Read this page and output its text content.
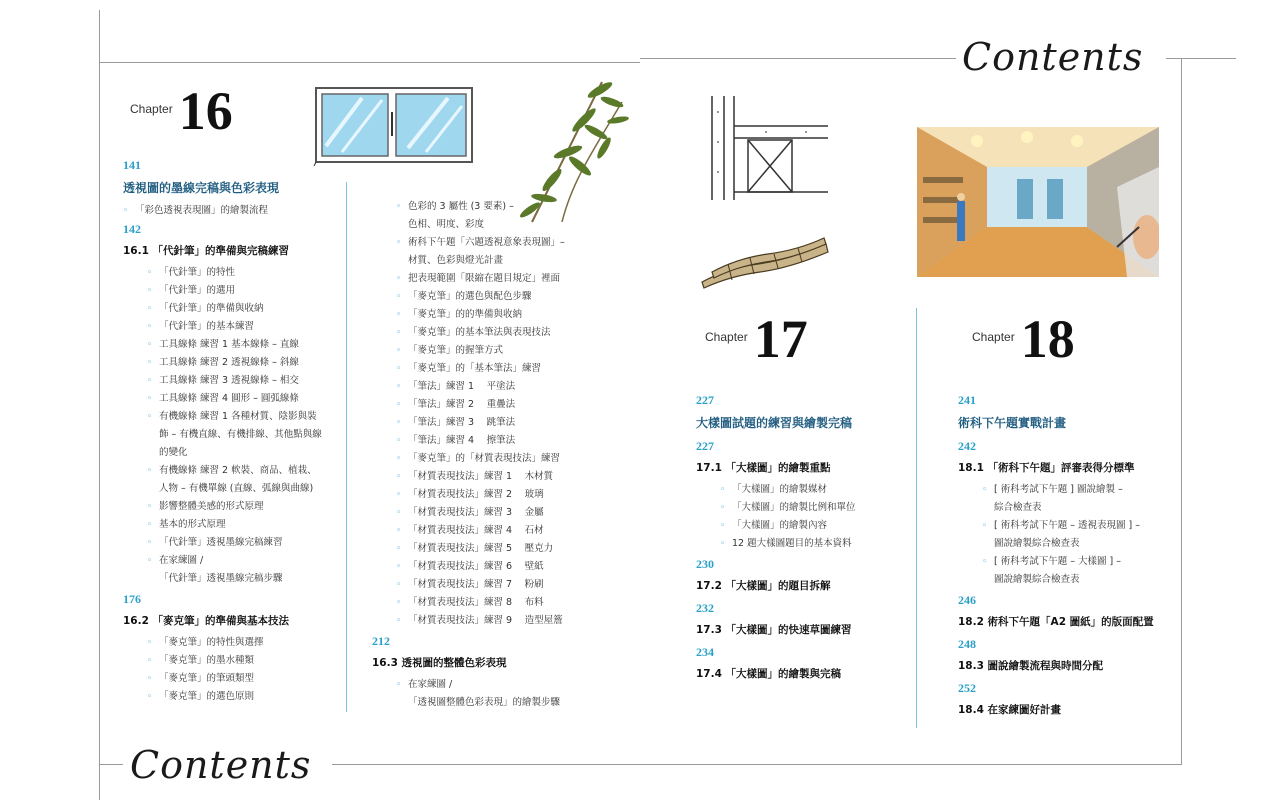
Contents
Contents
Chapter 16
Chapter 17	Chapter 18
141
透視圖的墨線完稿與色彩表現
◦ 「彩色透視表現圖」的繪製流程
142
16.1 「代針筆」的準備與完稿練習
◦ 「代針筆」的特性
◦ 「代針筆」的選用
◦ 「代針筆」的準備與收納
◦ 「代針筆」的基本練習
◦ 工具線條 練習 1 基本線條 – 直線
◦ 工具線條 練習 2 透視線條 – 斜線
◦ 工具線條 練習 3 透視線條 – 相交
◦ 工具線條 練習 4 圓形 – 圓弧線條
◦ 有機線條 練習 1 各種材質、陰影與裝
飾 – 有機直線、有機排線、其他點與線
的變化
◦ 有機線條 練習 2 軟裝、商品、植栽、
人物 – 有機單線 (直線、弧線與曲線)
◦ 影響整體美感的形式原理
◦ 基本的形式原理
◦ 「代針筆」透視墨線完稿練習
◦ 在家練圖 /
「代針筆」透視墨線完稿步驟
176
16.2 「麥克筆」的準備與基本技法
◦ 「麥克筆」的特性與選擇
◦ 「麥克筆」的墨水種類
◦ 「麥克筆」的筆頭類型
◦ 「麥克筆」的選色原則
◦ 色彩的 3 屬性 (3 要素) –
色相、明度、彩度
◦ 術科下午題「六題透視意象表現圖」–
材質、色彩與燈光計畫
◦ 把表現範圍「限縮在題目規定」裡面
◦ 「麥克筆」的選色與配色步驟
◦ 「麥克筆」的的準備與收納
◦ 「麥克筆」的基本筆法與表現技法
◦ 「麥克筆」的握筆方式
◦ 「麥克筆」的「基本筆法」練習
◦ 「筆法」練習 1　 平塗法
◦ 「筆法」練習 2　 重疊法
◦ 「筆法」練習 3　 跳筆法
◦ 「筆法」練習 4　 擦筆法
◦ 「麥克筆」的「材質表現技法」練習
◦ 「材質表現技法」練習 1　 木材質
◦ 「材質表現技法」練習 2　 玻璃
◦ 「材質表現技法」練習 3　 金屬
◦ 「材質表現技法」練習 4　 石材
◦ 「材質表現技法」練習 5　 壓克力
◦ 「材質表現技法」練習 6　 壁紙
◦ 「材質表現技法」練習 7　 粉刷
◦ 「材質表現技法」練習 8　 布料
◦ 「材質表現技法」練習 9　 造型屋簷
212
16.3 透視圖的整體色彩表現
◦ 在家練圖 /
「透視圖整體色彩表現」的繪製步驟
227
大樣圖試題的練習與繪製完稿
227
17.1 「大樣圖」的繪製重點
◦ 「大樣圖」的繪製媒材
◦ 「大樣圖」的繪製比例和單位
◦ 「大樣圖」的繪製內容
◦ 12 題大樣圖題目的基本資料
230
17.2 「大樣圖」的題目拆解
232
17.3 「大樣圖」的快速草圖練習
234
17.4 「大樣圖」的繪製與完稿
241
術科下午題實戰計畫
242
18.1 「術科下午題」評審表得分標準
◦ [ 術科考試下午題 ] 圖說繪製 –
綜合檢查表
◦ [ 術科考試下午題 – 透視表現圖 ] –
圖說繪製綜合檢查表
◦ [ 術科考試下午題 – 大樣圖 ] –
圖說繪製綜合檢查表
246
18.2 術科下午題「A2 圖紙」的版面配置
248
18.3 圖說繪製流程與時間分配
252
18.4 在家練圖好計畫
